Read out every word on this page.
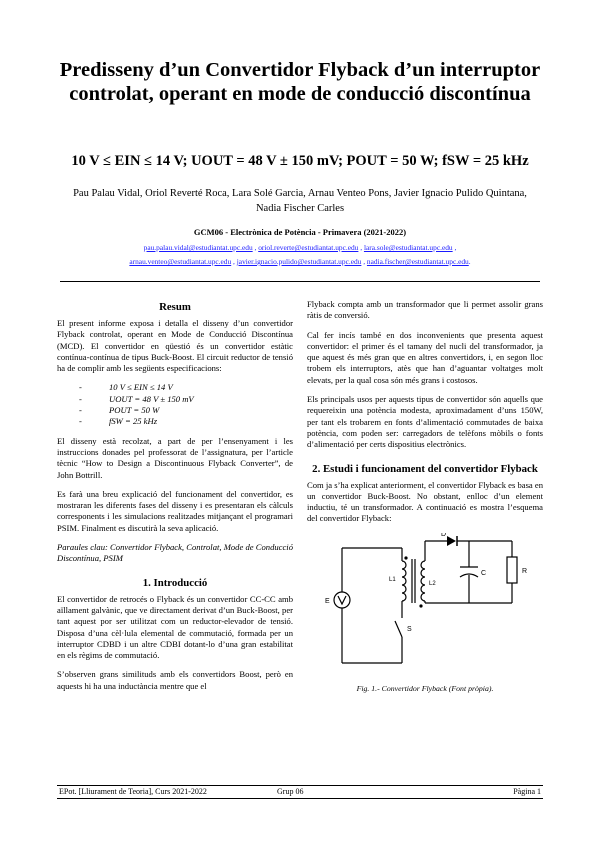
Predisseny d’un Convertidor Flyback d’un interruptor controlat, operant en mode de conducció discontínua
10 V ≤ EIN ≤ 14 V; UOUT = 48 V ± 150 mV; POUT = 50 W; fSW = 25 kHz
Pau Palau Vidal, Oriol Reverté Roca, Lara Solé Garcia, Arnau Venteo Pons, Javier Ignacio Pulido Quintana, Nadia Fischer Carles
GCM06 - Electrònica de Potència - Primavera (2021-2022)
pau.palau.vidal@estudiantat.upc.edu , oriol.reverte@estudiantat.upc.edu , lara.sole@estudiantat.upc.edu ,
arnau.venteo@estudiantat.upc.edu , javier.ignacio.pulido@estudiantat.upc.edu , nadia.fischer@estudiantat.upc.edu.
Resum

El present informe exposa i detalla el disseny d’un convertidor Flyback controlat, operant en Mode de Conducció Discontínua (MCD). El convertidor en qüestió és un convertidor estàtic contínua-contínua de tipus Buck-Boost. El circuit reductor de tensió ha de complir amb les següents especificacions:

- 10 V ≤ EIN ≤ 14 V
- UOUT = 48 V ± 150 mV
- POUT = 50 W
- fSW = 25 kHz

El disseny està recolzat, a part de per l’ensenyament i les instruccions donades pel professorat de l’assignatura, per l’article tècnic “How to Design a Discontinuous Flyback Converter”, de John Bottrill.

Es farà una breu explicació del funcionament del convertidor, es mostraran les diferents fases del disseny i es presentaran els càlculs corresponents i les simulacions realitzades mitjançant el programari PSIM. Finalment es discutirà la seva aplicació.

Paraules clau: Convertidor Flyback, Controlat, Mode de Conducció Discontínua, PSIM

1. Introducció

El convertidor de retrocés o Flyback és un convertidor CC-CC amb aïllament galvànic, que ve directament derivat d’un Buck-Boost, per tant aquest por ser utilitzat com un reductor-elevador de tensió. Disposa d’una cèl·lula elemental de commutació, formada per un interruptor CDBD i un altre CDBI dotant-lo d’una gran estabilitat en els règims de commutació.

S’observen grans similituds amb els convertidors Boost, però en aquests hi ha una inductància mentre que el

Flyback compta amb un transformador que li permet assolir grans ràtis de conversió.

Cal fer incís també en dos inconvenients que presenta aquest convertidor: el primer és el tamany del nucli del transformador, ja que aquest és més gran que en altres convertidors, i, en segon lloc trobem els interruptors, atès que han d’aguantar voltatges molt elevats, per la qual cosa són més grans i costosos.

Els principals usos per aquests tipus de convertidor són aquells que requereixin una potència modesta, aproximadament d’uns 150W, per tant els trobarem en fonts d’alimentació commutades de baixa potència, com poden ser: carregadors de telèfons mòbils o fonts d’alimentació per certs dispositius electrònics.

2. Estudi i funcionament del convertidor Flyback

Com ja s’ha explicat anteriorment, el convertidor Flyback es basa en un convertidor Buck-Boost. No obstant, enlloc d’un element inductiu, té un transformador. A continuació es mostra l’esquema del convertidor Flyback:

E
L1
L2
S
D
C	R
Fig. 1.- Convertidor Flyback (Font pròpia).
EPot. [Lliurament de Teoria], Curs 2021-2022	Grup 06	Pàgina 1
